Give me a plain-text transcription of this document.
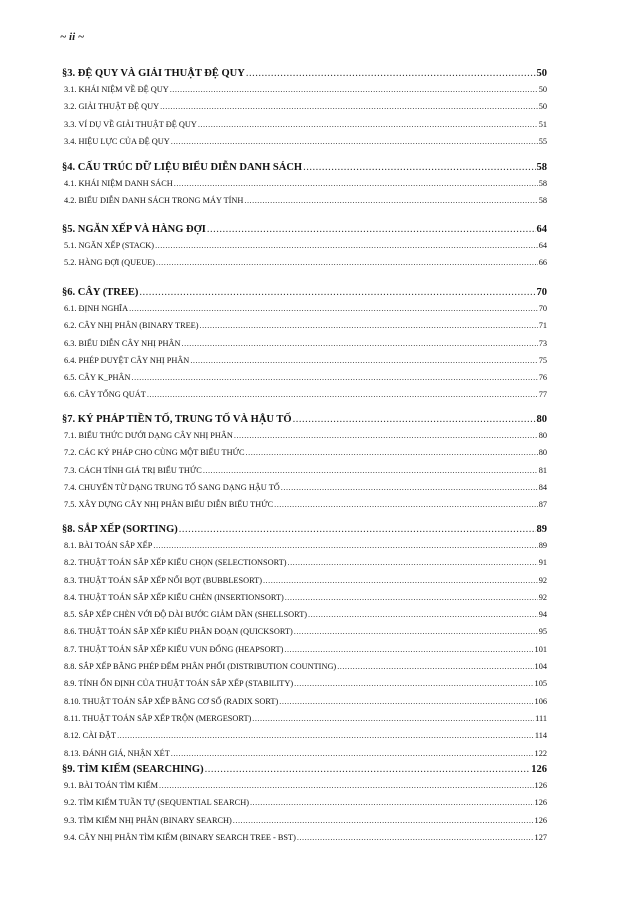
~ ii ~
§3. ĐỆ QUY VÀ GIẢI THUẬT ĐỆ QUY .....	50
3.1. KHÁI NIỆM VỀ ĐỆ QUY .....	50
3.2. GIẢI THUẬT ĐỆ QUY .....	50
3.3. VÍ DỤ VỀ GIẢI THUẬT ĐỆ QUY .....	51
3.4. HIỆU LỰC CỦA ĐỆ QUY .....	55
§4. CẤU TRÚC DỮ LIỆU BIỂU DIỄN DANH SÁCH .....	58
4.1. KHÁI NIỆM DANH SÁCH .....	58
4.2. BIỂU DIỄN DANH SÁCH TRONG MÁY TÍNH .....	58
§5. NGĂN XẾP VÀ HÀNG ĐỢI .....	64
5.1. NGĂN XẾP (STACK) .....	64
5.2. HÀNG ĐỢI (QUEUE) .....	66
§6. CÂY (TREE) .....	70
6.1. ĐỊNH NGHĨA .....	70
6.2. CÂY NHỊ PHÂN (BINARY TREE) .....	71
6.3. BIỂU DIỄN CÂY NHỊ PHÂN .....	73
6.4. PHÉP DUYỆT CÂY NHỊ PHÂN .....	75
6.5. CÂY K_PHÂN .....	76
6.6. CÂY TỔNG QUÁT .....	77
§7. KÝ PHÁP TIỀN TỐ, TRUNG TỐ VÀ HẬU TỐ .....	80
7.1. BIỂU THỨC DƯỚI DẠNG CÂY NHỊ PHÂN .....	80
7.2. CÁC KÝ PHÁP CHO CÙNG MỘT BIỂU THỨC .....	80
7.3. CÁCH TÍNH GIÁ TRỊ BIỂU THỨC .....	81
7.4. CHUYỂN TỪ DẠNG TRUNG TỐ SANG DẠNG HẬU TỐ .....	84
7.5. XÂY DỰNG CÂY NHỊ PHÂN BIỂU DIỄN BIỂU THỨC .....	87
§8. SẮP XẾP (SORTING) .....	89
8.1. BÀI TOÁN SẮP XẾP .....	89
8.2. THUẬT TOÁN SẮP XẾP KIỂU CHỌN (SELECTIONSORT) .....	91
8.3. THUẬT TOÁN SẮP XẾP NỔI BỌT (BUBBLESORT) .....	92
8.4. THUẬT TOÁN SẮP XẾP KIỂU CHÈN (INSERTIONSORT) .....	92
8.5. SẮP XẾP CHÈN VỚI ĐỘ DÀI BƯỚC GIẢM DẦN (SHELLSORT) .....	94
8.6. THUẬT TOÁN SẮP XẾP KIỂU PHÂN ĐOẠN (QUICKSORT) .....	95
8.7. THUẬT TOÁN SẮP XẾP KIỂU VUN ĐỐNG (HEAPSORT) .....	101
8.8. SẮP XẾP BẰNG PHÉP ĐẾM PHÂN PHỐI (DISTRIBUTION COUNTING) .....	104
8.9. TÍNH ỔN ĐỊNH CỦA THUẬT TOÁN SẮP XẾP (STABILITY) .....	105
8.10. THUẬT TOÁN SẮP XẾP BẰNG CƠ SỐ (RADIX SORT) .....	106
8.11. THUẬT TOÁN SẮP XẾP TRỘN (MERGESORT) .....	111
8.12. CÀI ĐẶT .....	114
8.13. ĐÁNH GIÁ, NHẬN XÉT .....	122
§9. TÌM KIẾM (SEARCHING) .....	126
9.1. BÀI TOÁN TÌM KIẾM .....	126
9.2. TÌM KIẾM TUẦN TỰ (SEQUENTIAL SEARCH) .....	126
9.3. TÌM KIẾM NHỊ PHÂN (BINARY SEARCH) .....	126
9.4. CÂY NHỊ PHÂN TÌM KIẾM (BINARY SEARCH TREE - BST) .....	127
